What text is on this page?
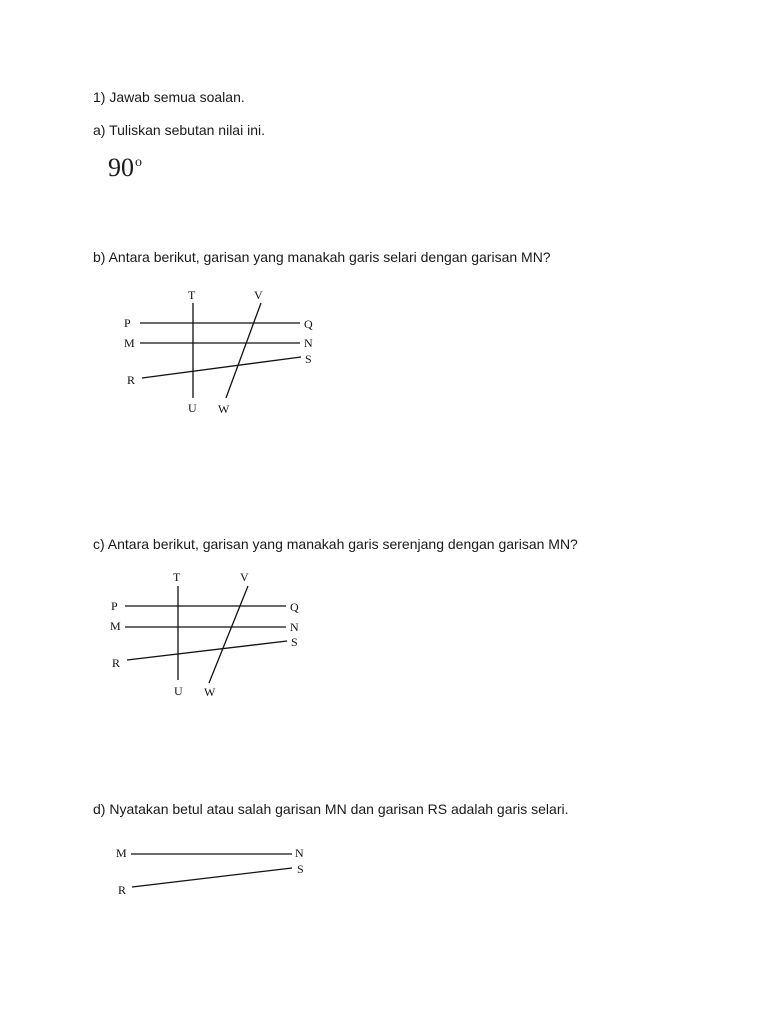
1) Jawab semua soalan.

a) Tuliskan sebutan nilai ini.

90$^o$

b) Antara berikut, garisan yang manakah garis selari dengan garisan MN?

T	V
P	Q
M	N
S
R
U W
T	V
P	Q
M	N
S
R
U W
M	N
S
R

c) Antara berikut, garisan yang manakah garis serenjang dengan garisan MN?

d) Nyatakan betul atau salah garisan MN dan garisan RS adalah garis selari.
